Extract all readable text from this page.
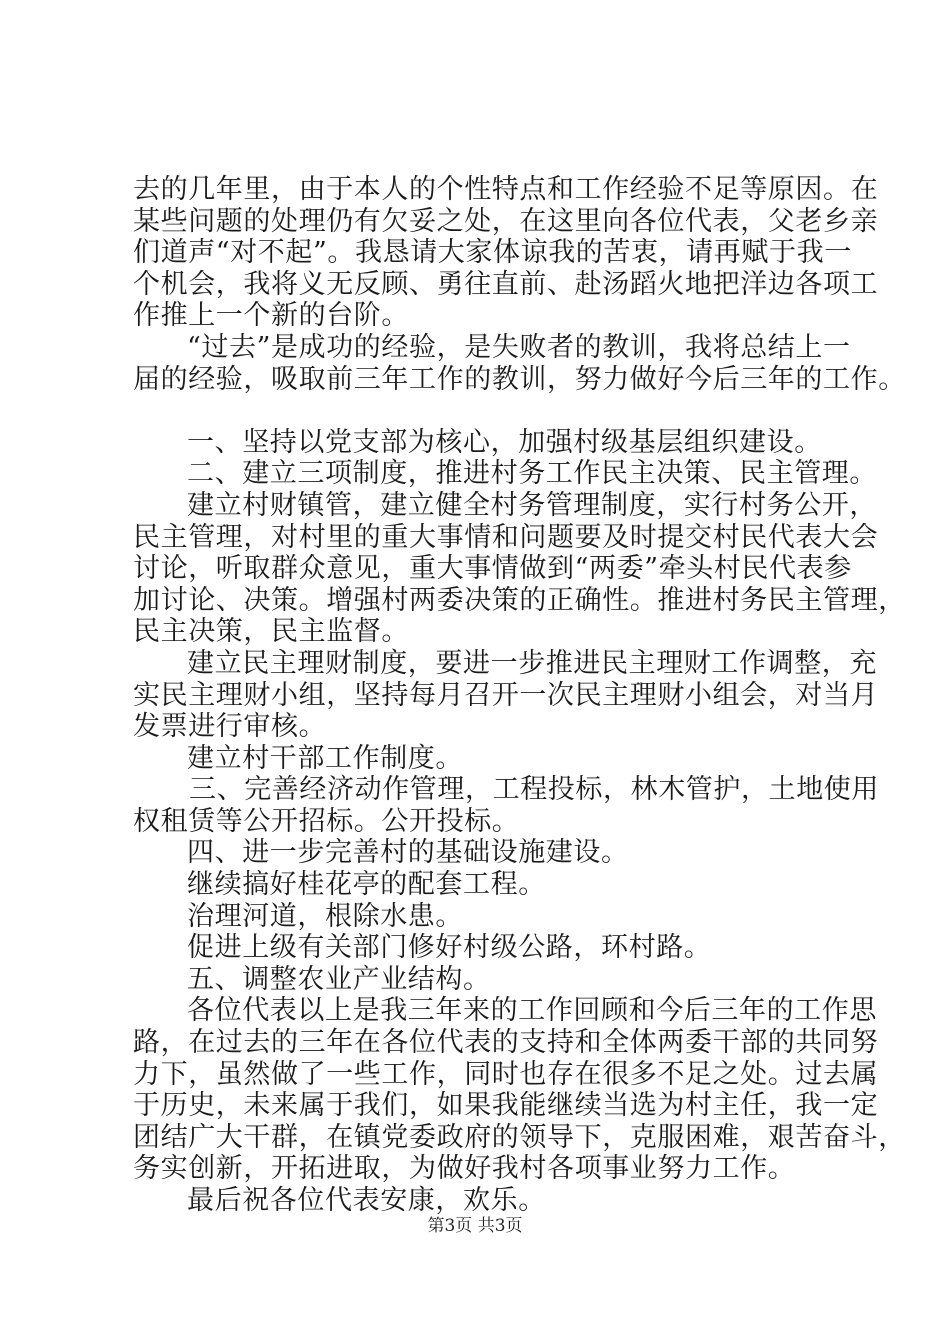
去的几年里，由于本人的个性特点和工作经验不足等原因。在
某些问题的处理仍有欠妥之处，在这里向各位代表，父老乡亲
们道声“对不起”。我恳请大家体谅我的苦衷，请再赋于我一
个机会，我将义无反顾、勇往直前、赴汤蹈火地把洋边各项工
作推上一个新的台阶。
“过去”是成功的经验，是失败者的教训，我将总结上一
届的经验，吸取前三年工作的教训，努力做好今后三年的工作。
一、坚持以党支部为核心，加强村级基层组织建设。
二、建立三项制度，推进村务工作民主决策、民主管理。
建立村财镇管，建立健全村务管理制度，实行村务公开，
民主管理，对村里的重大事情和问题要及时提交村民代表大会
讨论，听取群众意见，重大事情做到“两委”牵头村民代表参
加讨论、决策。增强村两委决策的正确性。推进村务民主管理，
民主决策，民主监督。
建立民主理财制度，要进一步推进民主理财工作调整，充
实民主理财小组，坚持每月召开一次民主理财小组会，对当月
发票进行审核。
建立村干部工作制度。
三、完善经济动作管理，工程投标，林木管护，土地使用
权租赁等公开招标。公开投标。
四、进一步完善村的基础设施建设。
继续搞好桂花亭的配套工程。
治理河道，根除水患。
促进上级有关部门修好村级公路，环村路。
五、调整农业产业结构。
各位代表以上是我三年来的工作回顾和今后三年的工作思
路，在过去的三年在各位代表的支持和全体两委干部的共同努
力下，虽然做了一些工作，同时也存在很多不足之处。过去属
于历史，未来属于我们，如果我能继续当选为村主任，我一定
团结广大干群，在镇党委政府的领导下，克服困难，艰苦奋斗，
务实创新，开拓进取，为做好我村各项事业努力工作。
最后祝各位代表安康，欢乐。
第3页 共3页
